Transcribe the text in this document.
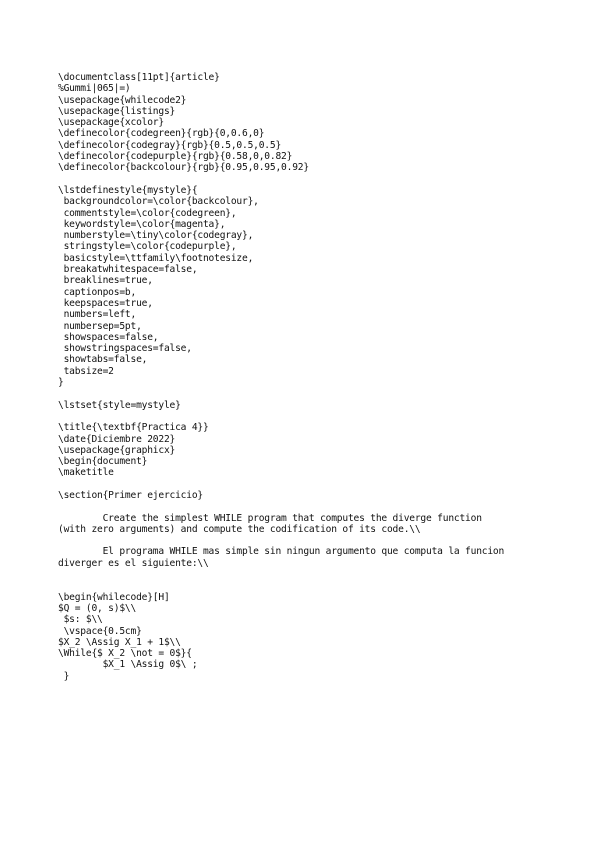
\documentclass[11pt]{article}
%Gummi|065|=)
\usepackage{whilecode2}
\usepackage{listings}
\usepackage{xcolor}
\definecolor{codegreen}{rgb}{0,0.6,0}
\definecolor{codegray}{rgb}{0.5,0.5,0.5}
\definecolor{codepurple}{rgb}{0.58,0,0.82}
\definecolor{backcolour}{rgb}{0.95,0.95,0.92}
\lstdefinestyle{mystyle}{
backgroundcolor=\color{backcolour},
commentstyle=\color{codegreen},
keywordstyle=\color{magenta},
numberstyle=\tiny\color{codegray},
stringstyle=\color{codepurple},
basicstyle=\ttfamily\footnotesize,
breakatwhitespace=false,
breaklines=true,
captionpos=b,
keepspaces=true,
numbers=left,
numbersep=5pt,
showspaces=false,
showstringspaces=false,
showtabs=false,
tabsize=2
}
\lstset{style=mystyle}
\title{\textbf{Practica 4}}
\date{Diciembre 2022}
\usepackage{graphicx}
\begin{document}
\maketitle
\section{Primer ejercicio}
Create the simplest WHILE program that computes the diverge function
(with zero arguments) and compute the codification of its code.\\
El programa WHILE mas simple sin ningun argumento que computa la funcion
diverger es el siguiente:\\
\begin{whilecode}[H]
$Q = (0, s)$\\
$s: $\\
\vspace{0.5cm}
$X_2 \Assig X_1 + 1$\\
\While{$ X_2 \not = 0$}{
$X_1 \Assig 0$\ ;
}
